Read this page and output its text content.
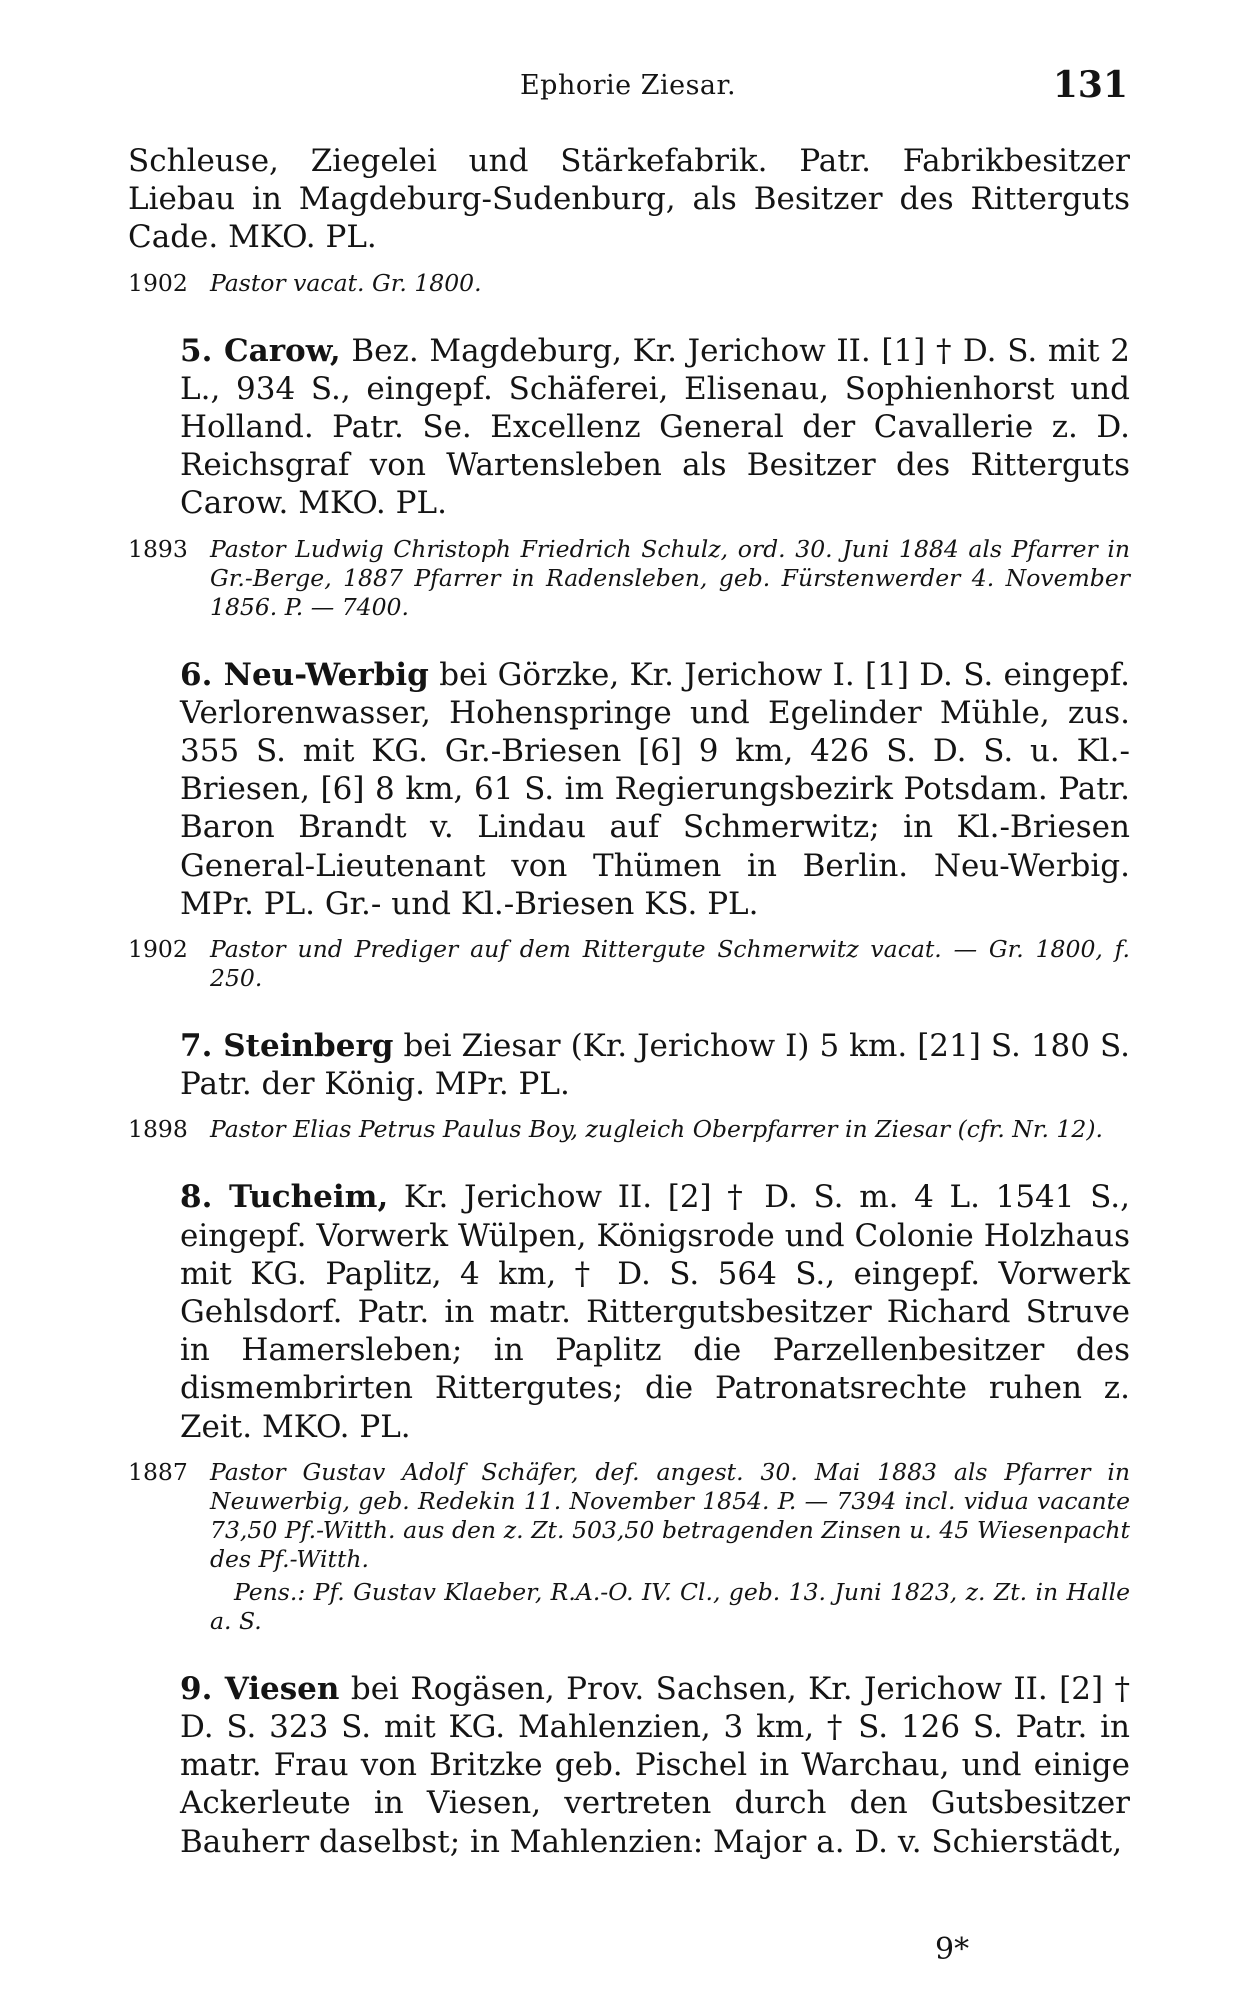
Ephorie Ziesar.	131

Schleuse, Ziegelei und Stärkefabrik. Patr. Fabrikbesitzer Liebau in Magdeburg-Sudenburg, als Besitzer des Ritterguts Cade. MKO. PL.

1902 Pastor vacat. Gr. 1800.

5. Carow, Bez. Magdeburg, Kr. Jerichow II. [1] † D. S. mit 2 L., 934 S., eingepf. Schäferei, Elisenau, Sophienhorst und Holland. Patr. Se. Excellenz General der Cavallerie z. D. Reichsgraf von Wartensleben als Besitzer des Ritterguts Carow. MKO. PL.

1893 Pastor Ludwig Christoph Friedrich Schulz, ord. 30. Juni 1884 als Pfarrer in Gr.-Berge, 1887 Pfarrer in Radensleben, geb. Fürstenwerder 4. November 1856. P. — 7400.

6. Neu-Werbig bei Görzke, Kr. Jerichow I. [1] D. S. eingepf. Verlorenwasser, Hohenspringe und Egelinder Mühle, zus. 355 S. mit KG. Gr.-Briesen [6] 9 km, 426 S. D. S. u. Kl.-Briesen, [6] 8 km, 61 S. im Regierungsbezirk Potsdam. Patr. Baron Brandt v. Lindau auf Schmerwitz; in Kl.-Briesen General-Lieutenant von Thümen in Berlin. Neu-Werbig. MPr. PL. Gr.- und Kl.-Briesen KS. PL.

1902 Pastor und Prediger auf dem Rittergute Schmerwitz vacat. — Gr. 1800, f. 250.

7. Steinberg bei Ziesar (Kr. Jerichow I) 5 km. [21] S. 180 S. Patr. der König. MPr. PL.

1898 Pastor Elias Petrus Paulus Boy, zugleich Oberpfarrer in Ziesar (cfr. Nr. 12).

8. Tucheim, Kr. Jerichow II. [2] † D. S. m. 4 L. 1541 S., eingepf. Vorwerk Wülpen, Königsrode und Colonie Holzhaus mit KG. Paplitz, 4 km, † D. S. 564 S., eingepf. Vorwerk Gehlsdorf. Patr. in matr. Rittergutsbesitzer Richard Struve in Hamersleben; in Paplitz die Parzellenbesitzer des dismembrirten Rittergutes; die Patronatsrechte ruhen z. Zeit. MKO. PL.

1887 Pastor Gustav Adolf Schäfer, def. angest. 30. Mai 1883 als Pfarrer in Neuwerbig, geb. Redekin 11. November 1854. P. — 7394 incl. vidua vacante 73,50 Pf.-Witth. aus den z. Zt. 503,50 betragenden Zinsen u. 45 Wiesenpacht des Pf.-Witth.
Pens.: Pf. Gustav Klaeber, R.A.-O. IV. Cl., geb. 13. Juni 1823, z. Zt. in Halle a. S.

9. Viesen bei Rogäsen, Prov. Sachsen, Kr. Jerichow II. [2] † D. S. 323 S. mit KG. Mahlenzien, 3 km, † S. 126 S. Patr. in matr. Frau von Britzke geb. Pischel in Warchau, und einige Ackerleute in Viesen, vertreten durch den Gutsbesitzer Bauherr daselbst; in Mahlenzien: Major a. D. v. Schierstädt,

9*
